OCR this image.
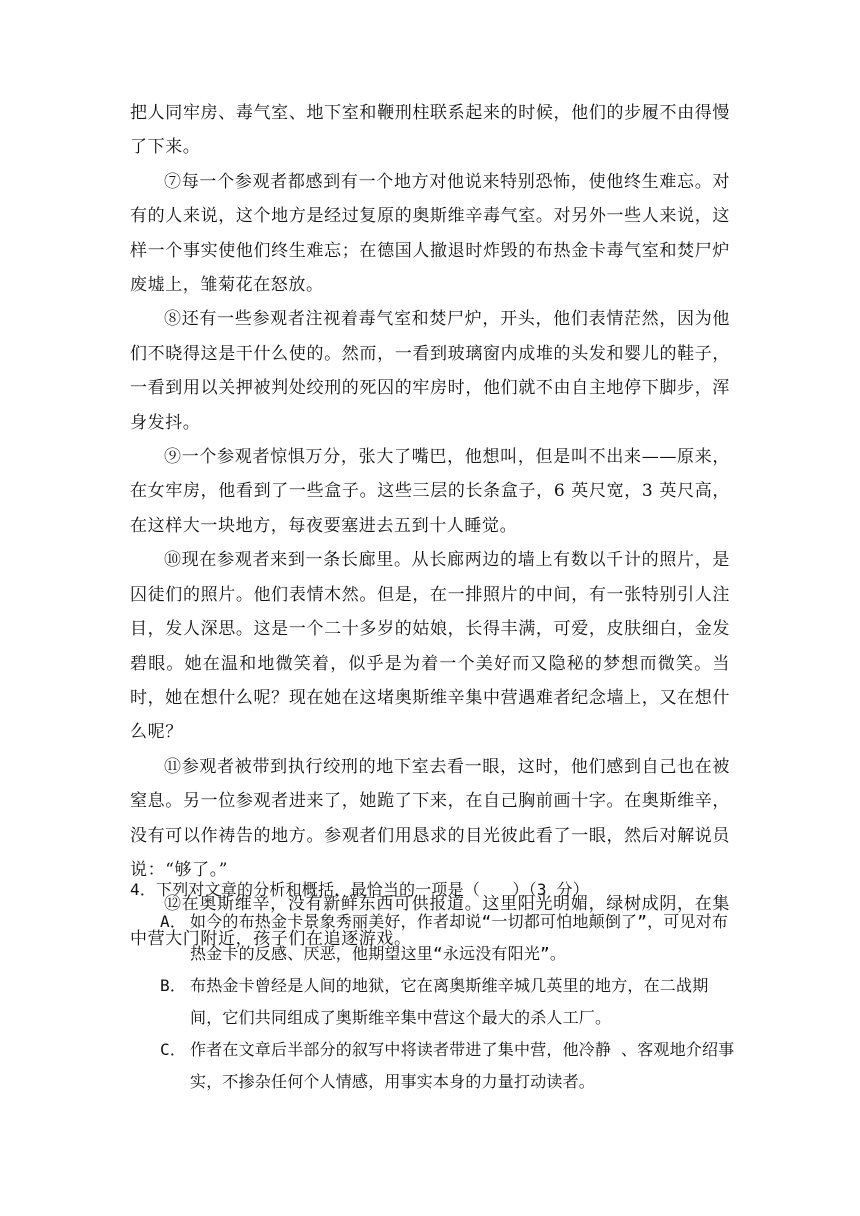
把人同牢房、毒气室、地下室和鞭刑柱联系起来的时候，他们的步履不由得慢了下来。

⑦每一个参观者都感到有一个地方对他说来特别恐怖，使他终生难忘。对有的人来说，这个地方是经过复原的奥斯维辛毒气室。对另外一些人来说，这样一个事实使他们终生难忘；在德国人撤退时炸毁的布热金卡毒气室和焚尸炉废墟上，雏菊花在怒放。

⑧还有一些参观者注视着毒气室和焚尸炉，开头，他们表情茫然，因为他们不晓得这是干什么使的。然而，一看到玻璃窗内成堆的头发和婴儿的鞋子，一看到用以关押被判处绞刑的死囚的牢房时，他们就不由自主地停下脚步，浑身发抖。

⑨一个参观者惊惧万分，张大了嘴巴，他想叫，但是叫不出来——原来，在女牢房，他看到了一些盒子。这些三层的长条盒子，6 英尺宽，3 英尺高，在这样大一块地方，每夜要塞进去五到十人睡觉。

⑩现在参观者来到一条长廊里。从长廊两边的墙上有数以千计的照片，是囚徒们的照片。他们表情木然。但是，在一排照片的中间，有一张特别引人注目，发人深思。这是一个二十多岁的姑娘，长得丰满，可爱，皮肤细白，金发碧眼。她在温和地微笑着，似乎是为着一个美好而又隐秘的梦想而微笑。当时，她在想什么呢？现在她在这堵奥斯维辛集中营遇难者纪念墙上，又在想什么呢？

⑪参观者被带到执行绞刑的地下室去看一眼，这时，他们感到自己也在被窒息。另一位参观者进来了，她跪了下来，在自己胸前画十字。在奥斯维辛，没有可以作祷告的地方。参观者们用恳求的目光彼此看了一眼，然后对解说员说：“够了。”

⑫在奥斯维辛，没有新鲜东西可供报道。这里阳光明媚，绿树成阴，在集中营大门附近，孩子们在追逐游戏。

4．下列对文章的分析和概括，最恰当的一项是（　　）（3 分）

A． 如今的布热金卡景象秀丽美好，作者却说“一切都可怕地颠倒了”，可见对布热金卡的反感、厌恶，他期望这里“永远没有阳光”。
B． 布热金卡曾经是人间的地狱，它在离奥斯维辛城几英里的地方，在二战期间，它们共同组成了奥斯维辛集中营这个最大的杀人工厂。
C． 作者在文章后半部分的叙写中将读者带进了集中营，他冷静 、客观地介绍事实，不掺杂任何个人情感，用事实本身的力量打动读者。
